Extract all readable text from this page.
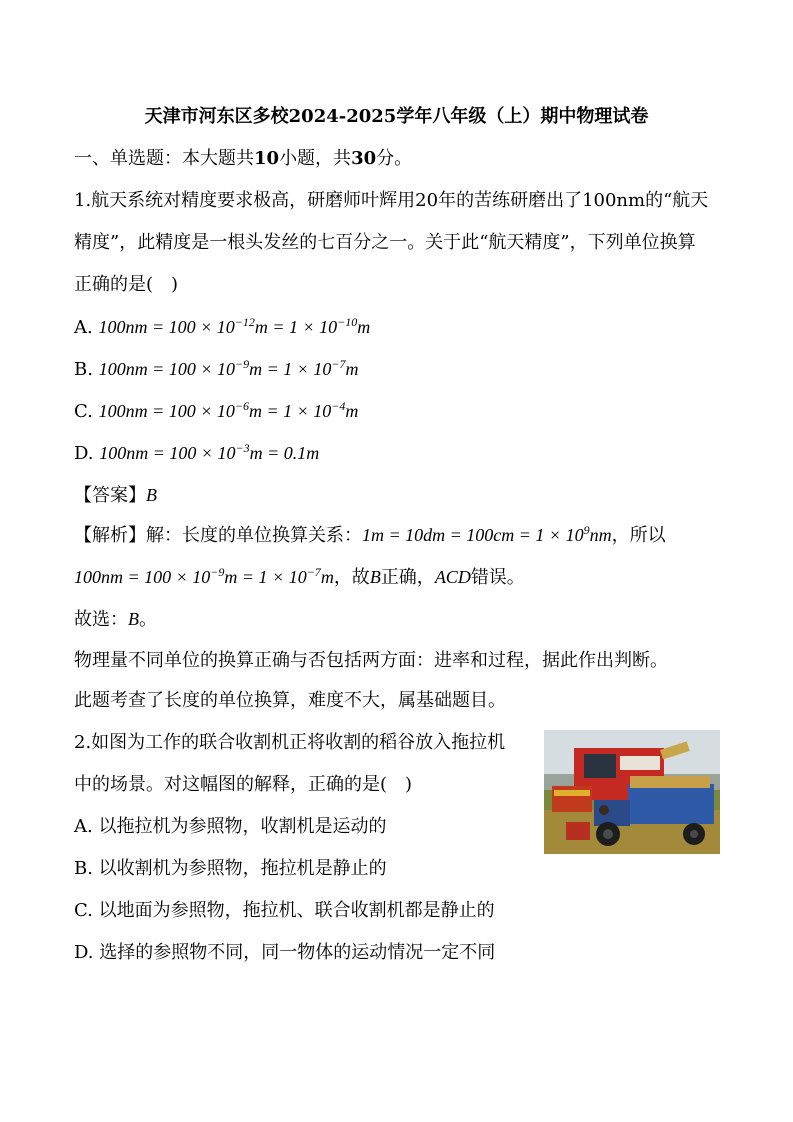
天津市河东区多校2024-2025学年八年级（上）期中物理试卷
一、单选题：本大题共10小题，共30分。
1.航天系统对精度要求极高，研磨师叶辉用20年的苦练研磨出了100nm的“航天
精度”，此精度是一根头发丝的七百分之一。关于此“航天精度”，下列单位换算
正确的是(　)
A. $100nm = 100 \times 10^{-12}m = 1 \times 10^{-10}m$
B. $100nm = 100 \times 10^{-9}m = 1 \times 10^{-7}m$
C. $100nm = 100 \times 10^{-6}m = 1 \times 10^{-4}m$
D. $100nm = 100 \times 10^{-3}m = 0.1m$
【答案】B
【解析】解：长度的单位换算关系：$1m = 10dm = 100cm = 1 \times 10^9nm$，所以
$100nm = 100 \times 10^{-9}m = 1 \times 10^{-7}m$，故B正确，ACD错误。
故选：B。
物理量不同单位的换算正确与否包括两方面：进率和过程，据此作出判断。
此题考查了长度的单位换算，难度不大，属基础题目。
2.如图为工作的联合收割机正将收割的稻谷放入拖拉机
中的场景。对这幅图的解释，正确的是(　)
A. 以拖拉机为参照物，收割机是运动的
B. 以收割机为参照物，拖拉机是静止的
C. 以地面为参照物，拖拉机、联合收割机都是静止的
D. 选择的参照物不同，同一物体的运动情况一定不同
